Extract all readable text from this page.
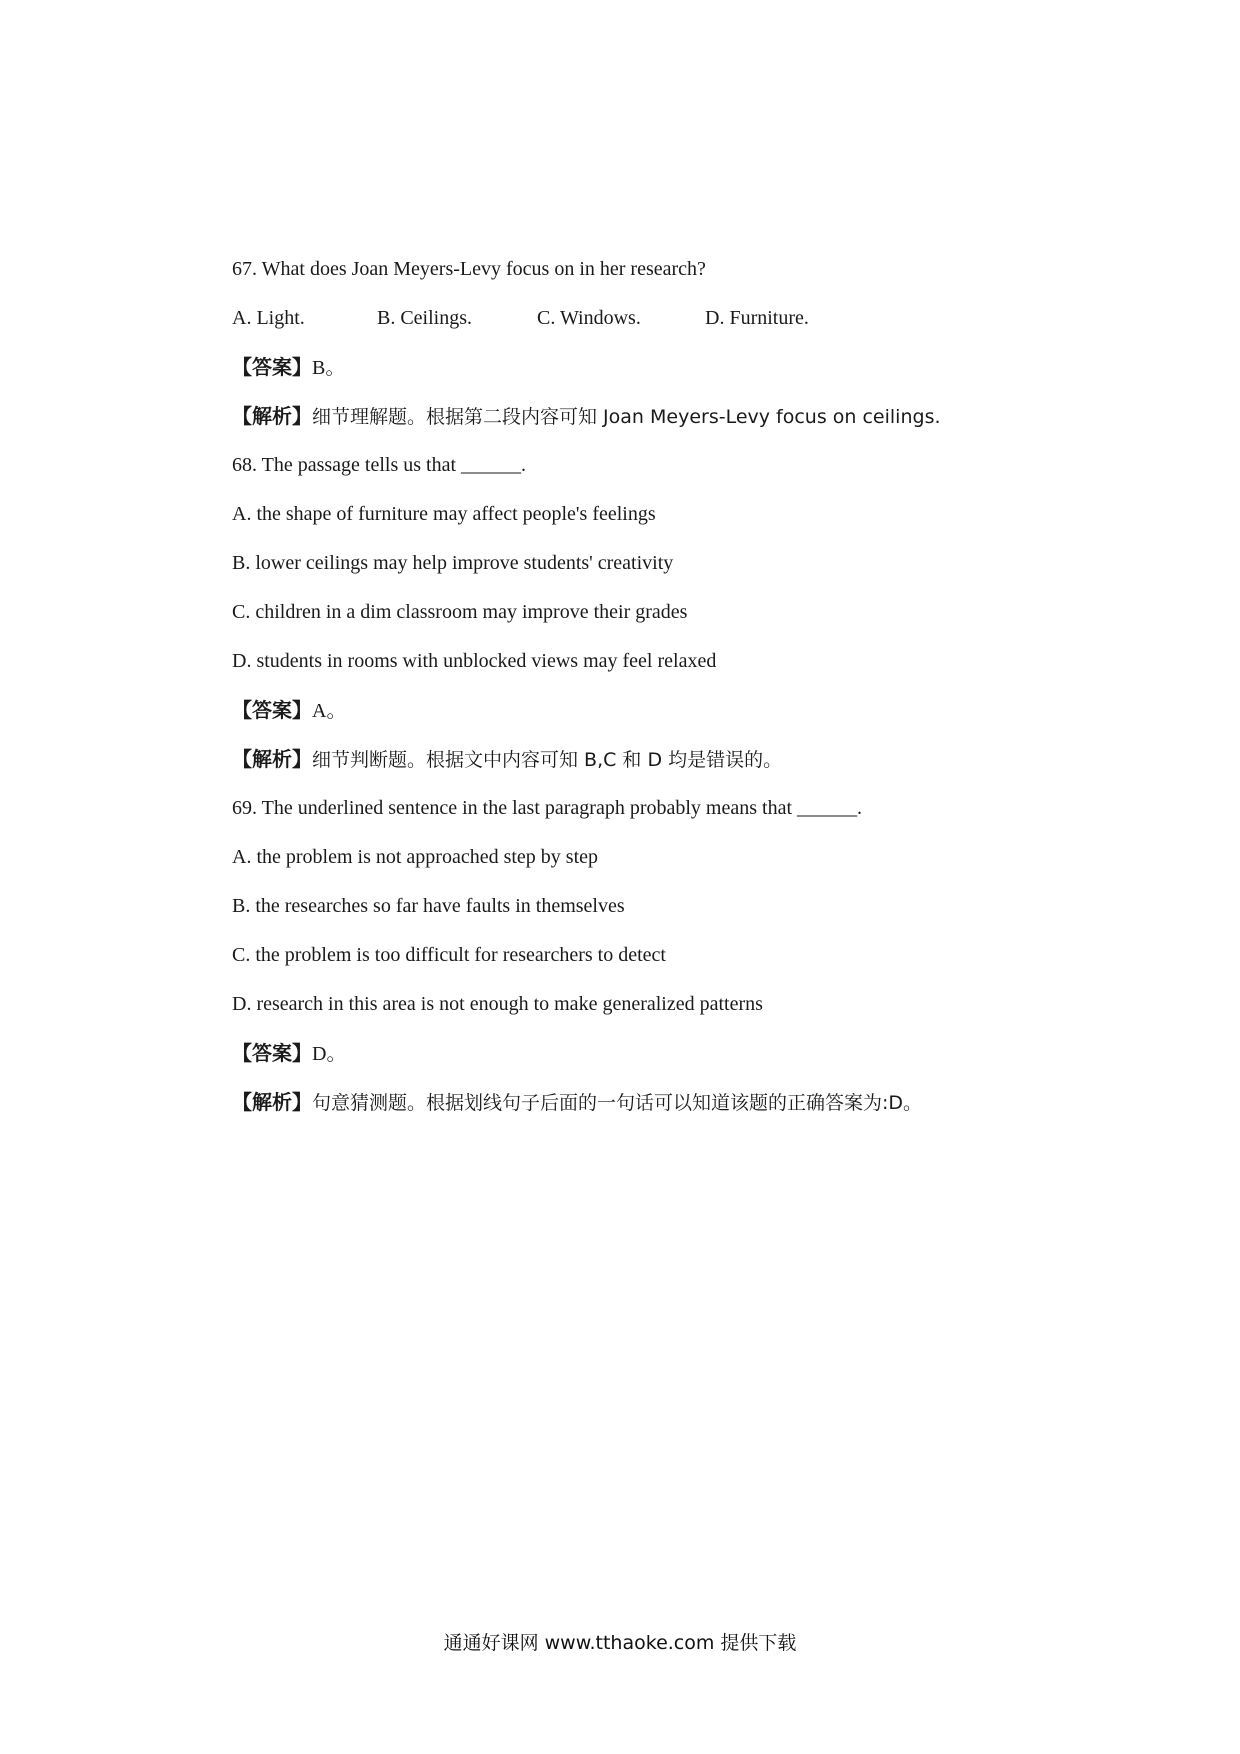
67. What does Joan Meyers-Levy focus on in her research?
A. Light.	B. Ceilings.	C. Windows.	D. Furniture.
【答案】B。
【解析】细节理解题。根据第二段内容可知 Joan Meyers-Levy focus on ceilings.
68. The passage tells us that ______.
A. the shape of furniture may affect people's feelings
B. lower ceilings may help improve students' creativity
C. children in a dim classroom may improve their grades
D. students in rooms with unblocked views may feel relaxed
【答案】A。
【解析】细节判断题。根据文中内容可知 B,C 和 D 均是错误的。
69. The underlined sentence in the last paragraph probably means that ______.
A. the problem is not approached step by step
B. the researches so far have faults in themselves
C. the problem is too difficult for researchers to detect
D. research in this area is not enough to make generalized patterns
【答案】D。
【解析】句意猜测题。根据划线句子后面的一句话可以知道该题的正确答案为:D。
通通好课网 www.tthaoke.com 提供下载
